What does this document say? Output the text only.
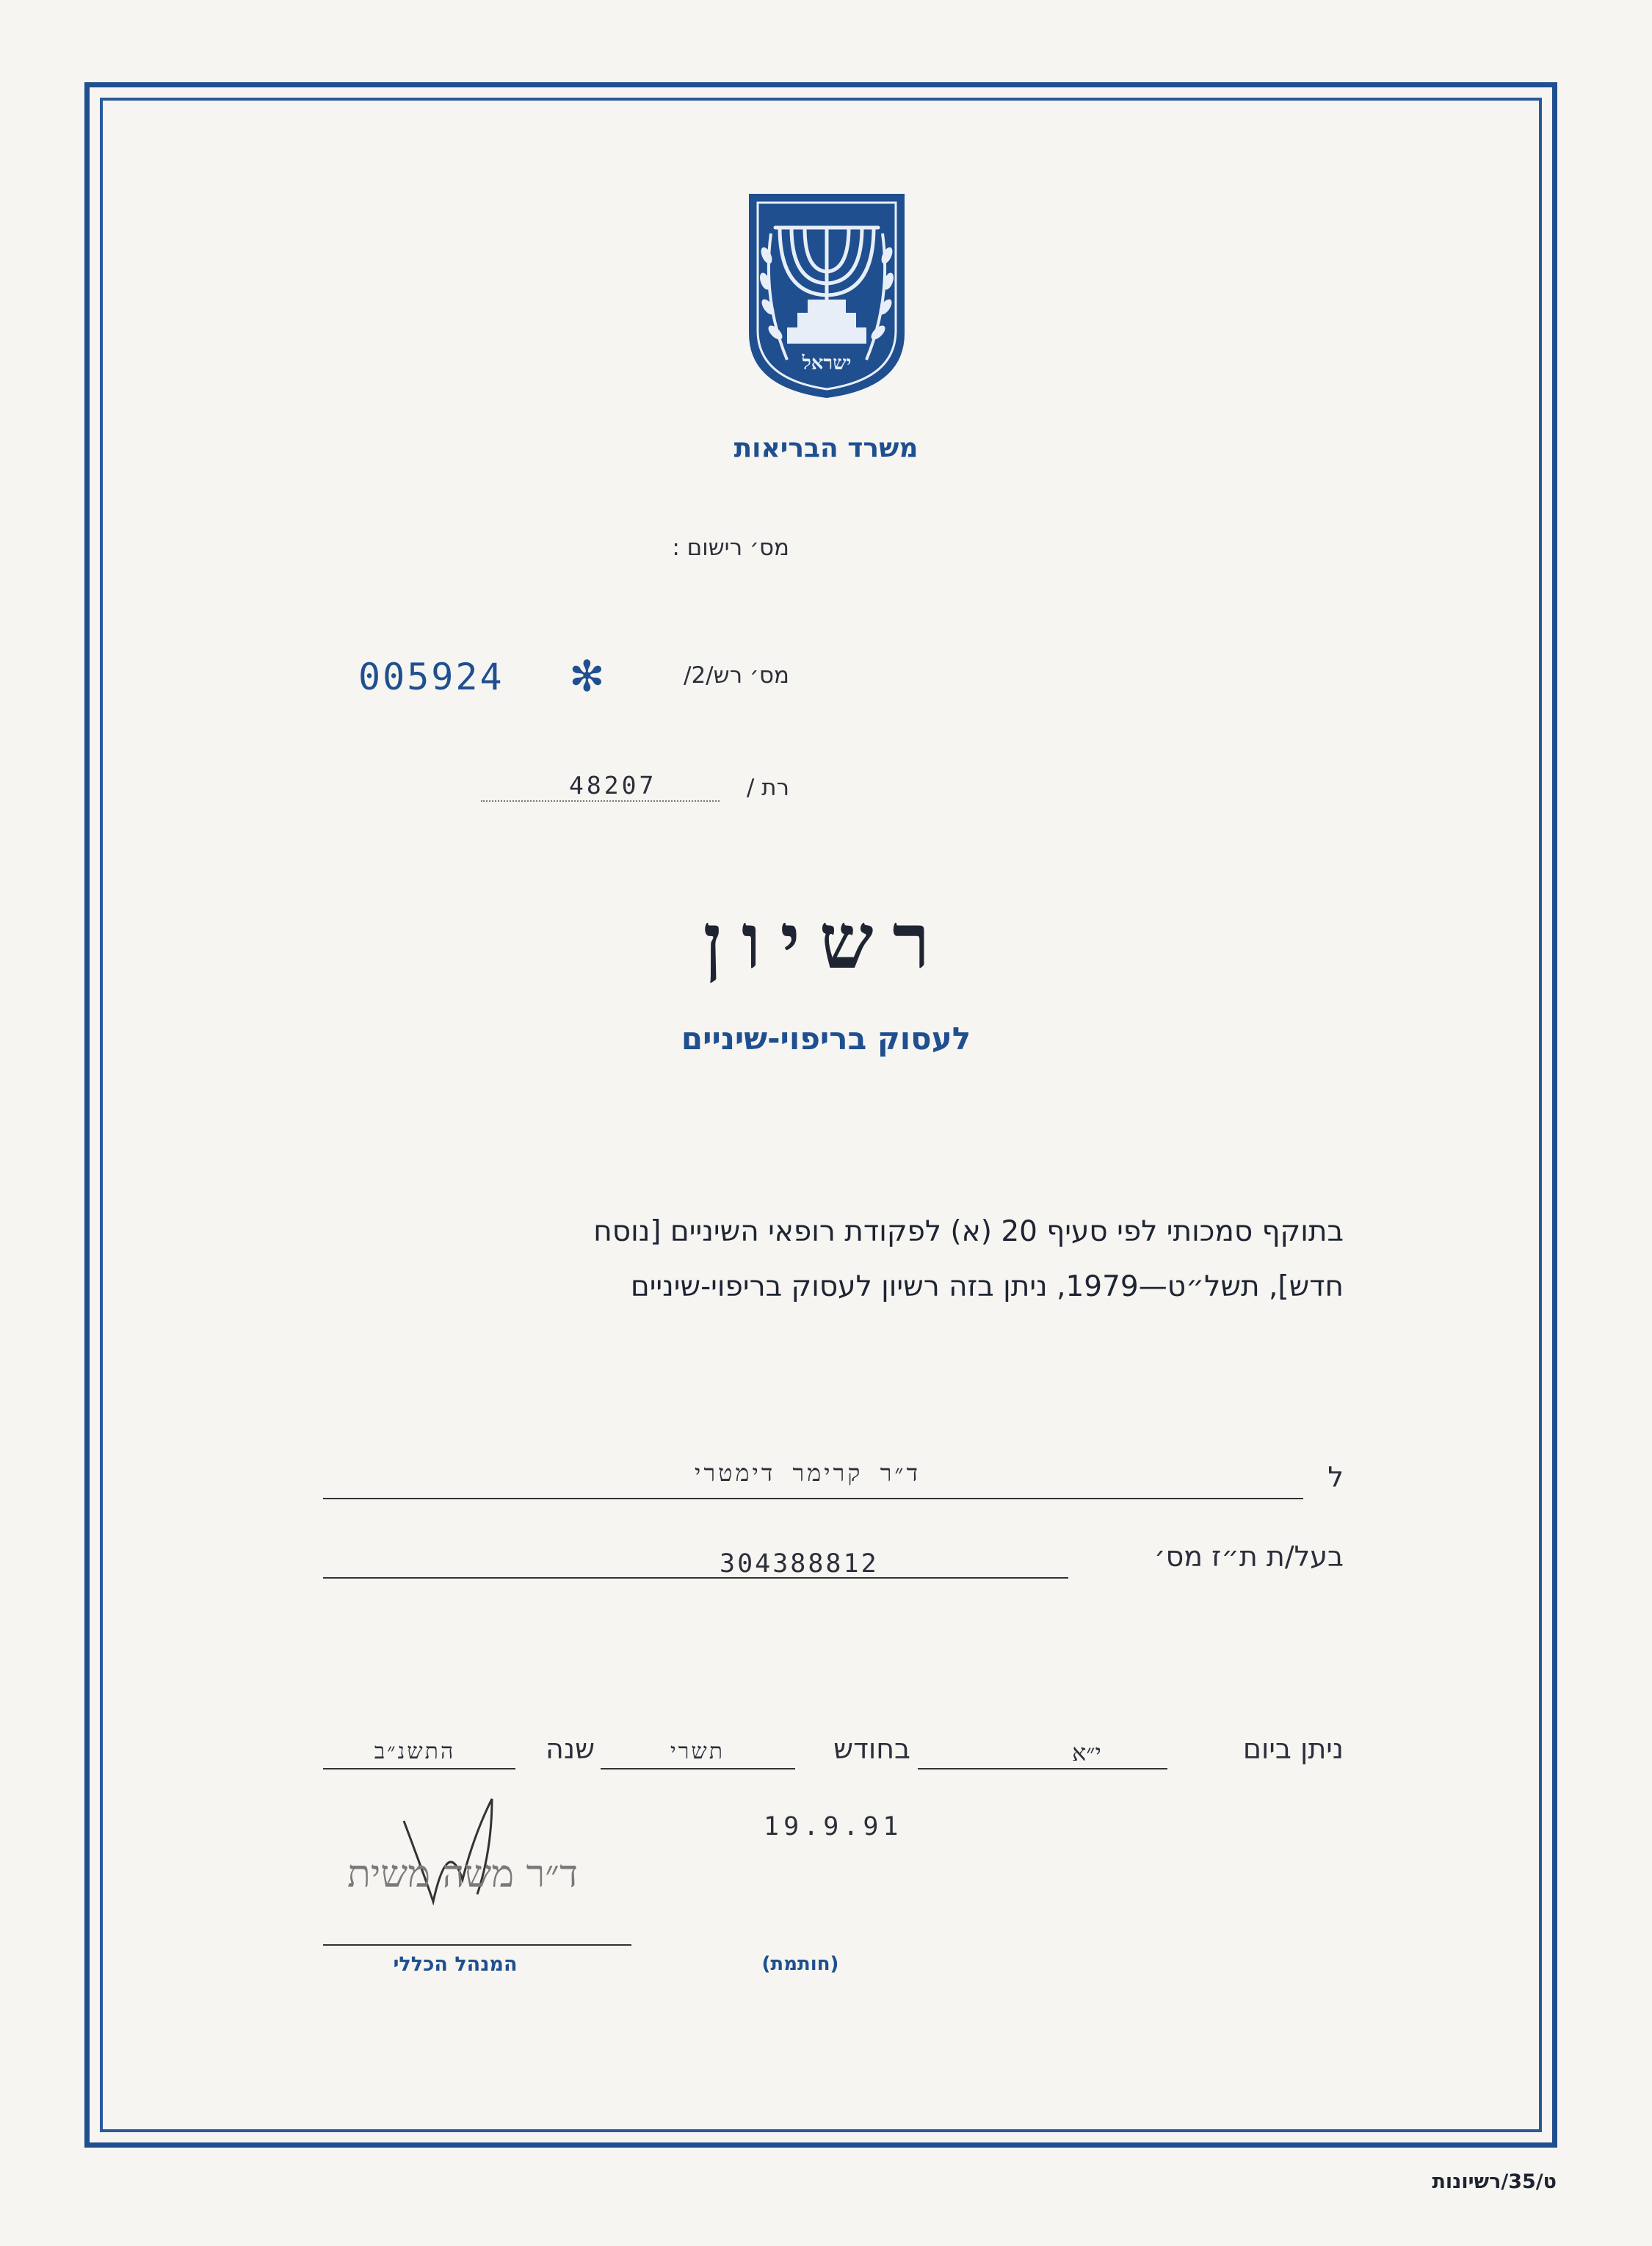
ישראל
משרד הבריאות
מס׳ רישום :
מס׳ רש/2/
✻
005924
רת /
48207
רשיון
לעסוק בריפוי-שיניים
בתוקף סמכותי לפי סעיף 20 (א) לפקודת רופאי השיניים [נוסח
חדש], תשל״ט—1979, ניתן בזה רשיון לעסוק בריפוי-שיניים
ל
ד״ר קרימר דימטרי
בעל/ת ת״ז מס׳
304388812
ניתן ביום
י״א
בחודש
תשרי
שנה
התשנ״ב
19.9.91
ד״ר משה משית
המנהל הכללי	(חותמת)
ט/35/רשיונות
